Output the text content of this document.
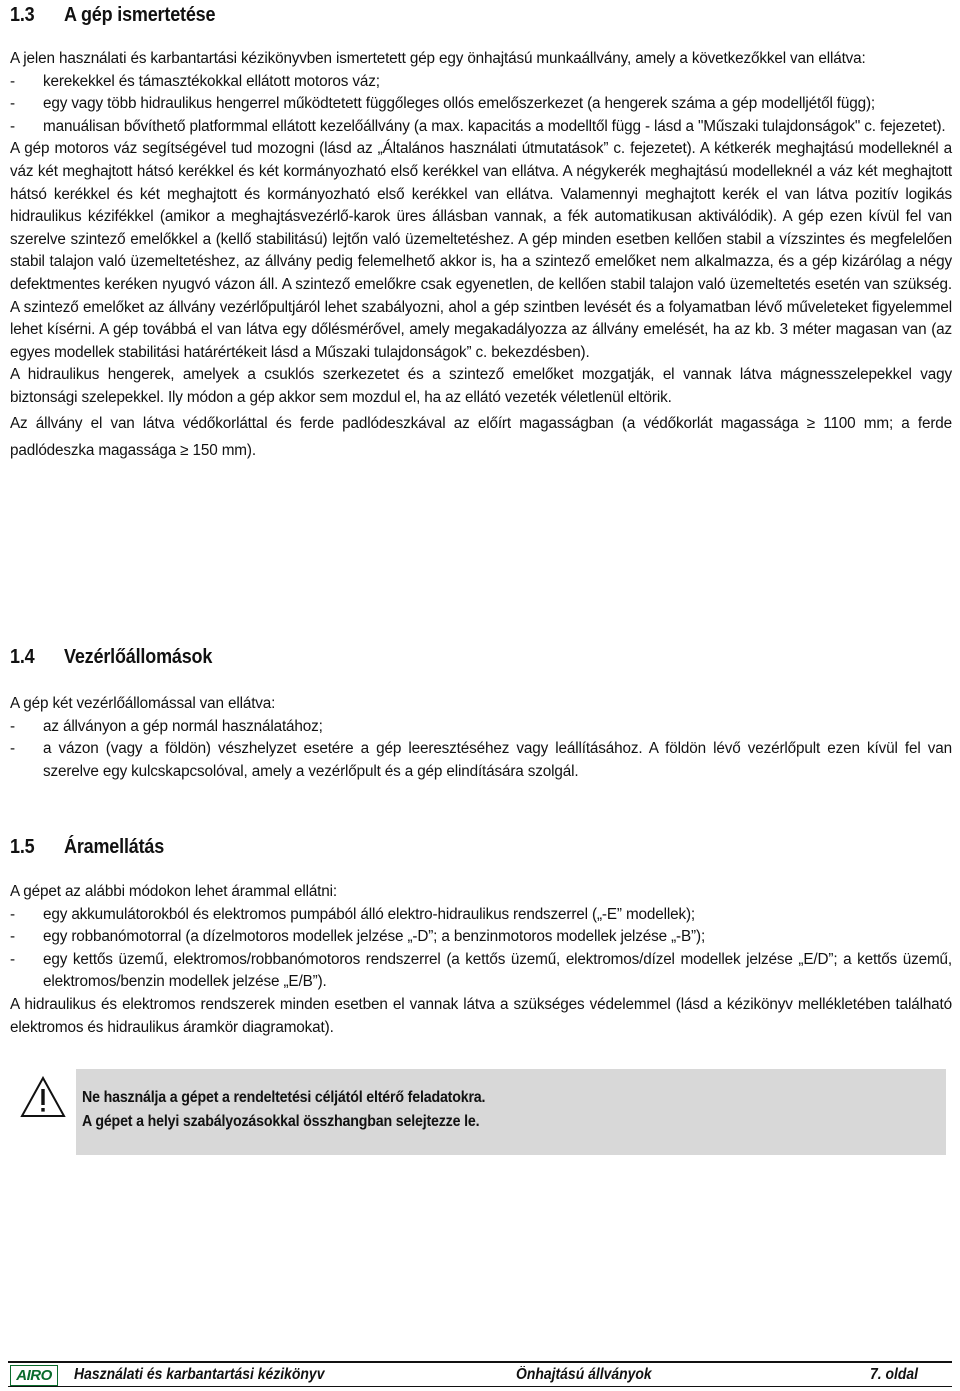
1.3 A gép ismertetése

A jelen használati és karbantartási kézikönyvben ismertetett gép egy önhajtású munkaállvány, amely a következőkkel van ellátva:

- kerekekkel és támasztékokkal ellátott motoros váz;
- egy vagy több hidraulikus hengerrel működtetett függőleges ollós emelőszerkezet (a hengerek száma a gép modelljétől függ);
- manuálisan bővíthető platformmal ellátott kezelőállvány (a max. kapacitás a modelltől függ - lásd a "Műszaki tulajdonságok" c. fejezetet).

A gép motoros váz segítségével tud mozogni (lásd az „Általános használati útmutatások” c. fejezetet). A kétkerék meghajtású modelleknél a váz két meghajtott hátsó kerékkel és két kormányozható első kerékkel van ellátva. A négykerék meghajtású modelleknél a váz két meghajtott hátsó kerékkel és két meghajtott és kormányozható első kerékkel van ellátva. Valamennyi meghajtott kerék el van látva pozitív logikás hidraulikus kézifékkel (amikor a meghajtásvezérlő-karok üres állásban vannak, a fék automatikusan aktiválódik). A gép ezen kívül fel van szerelve szintező emelőkkel a (kellő stabilitású) lejtőn való üzemeltetéshez. A gép minden esetben kellően stabil a vízszintes és megfelelően stabil talajon való üzemeltetéshez, az állvány pedig felemelhető akkor is, ha a szintező emelőket nem alkalmazza, és a gép kizárólag a négy defektmentes keréken nyugvó vázon áll. A szintező emelőkre csak egyenetlen, de kellően stabil talajon való üzemeltetés esetén van szükség. A szintező emelőket az állvány vezérlőpultjáról lehet szabályozni, ahol a gép szintben levését és a folyamatban lévő műveleteket figyelemmel lehet kísérni. A gép továbbá el van látva egy dőlésmérővel, amely megakadályozza az állvány emelését, ha az kb. 3 méter magasan van (az egyes modellek stabilitási határértékeit lásd a Műszaki tulajdonságok” c. bekezdésben).

A hidraulikus hengerek, amelyek a csuklós szerkezetet és a szintező emelőket mozgatják, el vannak látva mágnesszelepekkel vagy biztonsági szelepekkel. Ily módon a gép akkor sem mozdul el, ha az ellátó vezeték véletlenül eltörik.

Az állvány el van látva védőkorláttal és ferde padlódeszkával az előírt magasságban (a védőkorlát magassága ≥ 1100 mm; a ferde padlódeszka magassága ≥ 150 mm).

1.4 Vezérlőállomások

A gép két vezérlőállomással van ellátva:

- az állványon a gép normál használatához;
- a vázon (vagy a földön) vészhelyzet esetére a gép leeresztéséhez vagy leállításához. A földön lévő vezérlőpult ezen kívül fel van szerelve egy kulcskapcsolóval, amely a vezérlőpult és a gép elindítására szolgál.
1.5 Áramellátás

A gépet az alábbi módokon lehet árammal ellátni:

- egy akkumulátorokból és elektromos pumpából álló elektro-hidraulikus rendszerrel („-E” modellek);
- egy robbanómotorral (a dízelmotoros modellek jelzése „-D”; a benzinmotoros modellek jelzése „-B”);
- egy kettős üzemű, elektromos/robbanómotoros rendszerrel (a kettős üzemű, elektromos/dízel modellek jelzése „E/D”; a kettős üzemű, elektromos/benzin modellek jelzése „E/B”).

A hidraulikus és elektromos rendszerek minden esetben el vannak látva a szükséges védelemmel (lásd a kézikönyv mellékletében található elektromos és hidraulikus áramkör diagramokat).

Ne használja a gépet a rendeltetési céljától eltérő feladatokra.
A gépet a helyi szabályozásokkal összhangban selejtezze le.
AIRO	Használati és karbantartási kézikönyv	Önhajtású állványok	7. oldal
